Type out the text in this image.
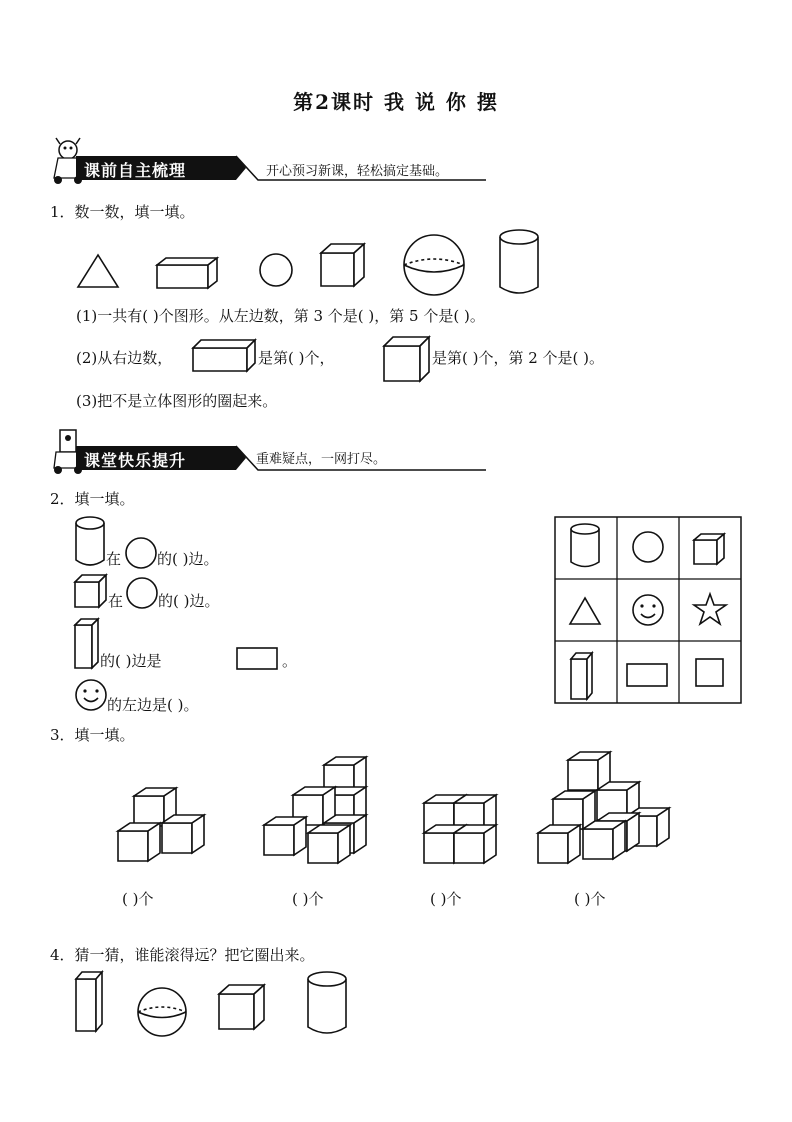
第2课时 我 说 你 摆
课前自主梳理	开心预习新课，轻松搞定基础。
1．数一数，填一填。
(1)一共有( )个图形。从左边数，第 3 个是( )，第 5 个是( )。
(2)从右边数，	是第( )个，	是第( )个，第 2 个是( )。
(3)把不是立体图形的圈起来。
课堂快乐提升	重难疑点，一网打尽。
2．填一填。
在 的( )边。
在 的( )边。
的( )边是	。
的左边是( )。
3．填一填。
( )个	( )个	( )个	( )个
4．猜一猜，谁能滚得远？把它圈出来。
